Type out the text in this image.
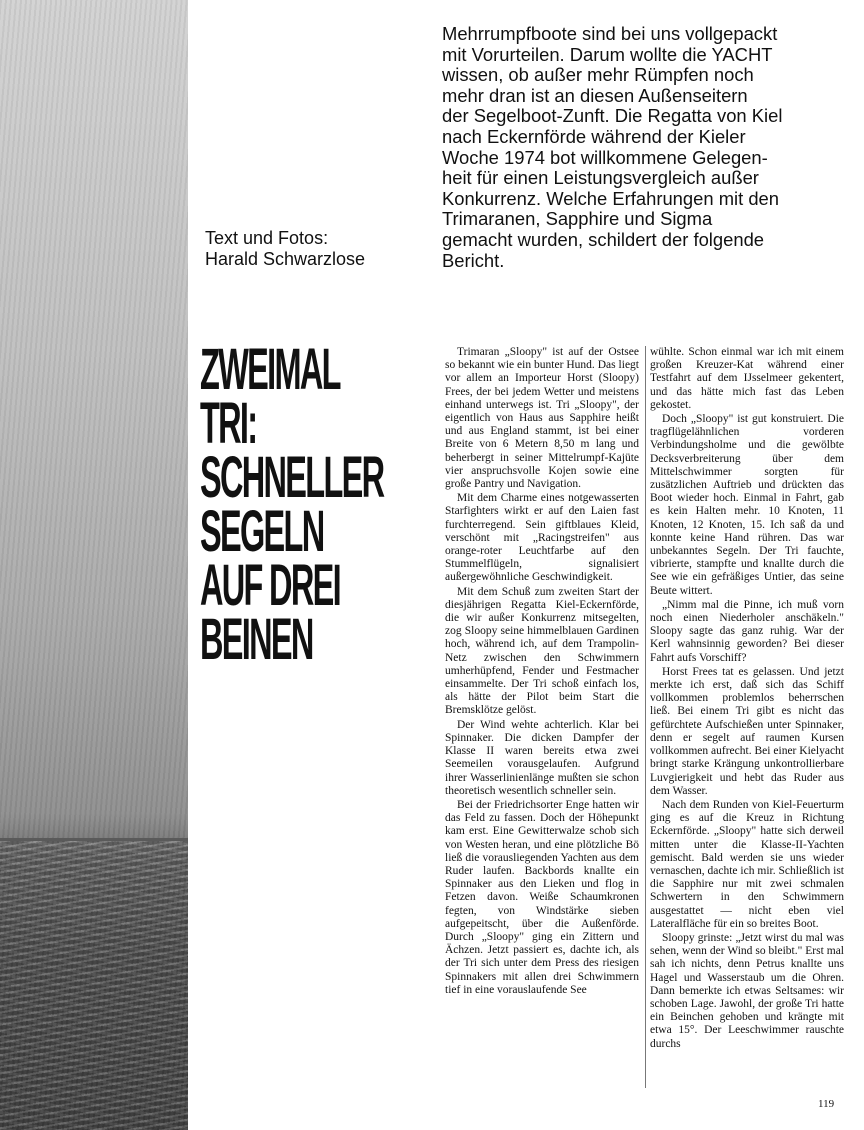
Text und Fotos:
Harald Schwarzlose
Mehrrumpfboote sind bei uns vollgepackt
mit Vorurteilen. Darum wollte die YACHT
wissen, ob außer mehr Rümpfen noch
mehr dran ist an diesen Außenseitern
der Segelboot-Zunft. Die Regatta von Kiel
nach Eckernförde während der Kieler
Woche 1974 bot willkommene Gelegen-
heit für einen Leistungsvergleich außer
Konkurrenz. Welche Erfahrungen mit den
Trimaranen, Sapphire und Sigma
gemacht wurden, schildert der folgende
Bericht.
ZWEIMAL
TRI:
SCHNELLER
SEGELN
AUF DREI
BEINEN

Trimaran „Sloopy" ist auf der Ostsee so bekannt wie ein bunter Hund. Das liegt vor allem an Importeur Horst (Sloopy) Frees, der bei jedem Wetter und meistens einhand unterwegs ist. Tri „Sloopy", der eigentlich von Haus aus Sapphire heißt und aus England stammt, ist bei einer Breite von 6 Metern 8,50 m lang und beherbergt in seiner Mittelrumpf-Kajüte vier anspruchsvolle Kojen sowie eine große Pantry und Navigation.

Mit dem Charme eines notgewasserten Starfighters wirkt er auf den Laien fast furchterregend. Sein giftblaues Kleid, verschönt mit „Racingstreifen" aus orange-roter Leuchtfarbe auf den Stummelflügeln, signalisiert außergewöhnliche Geschwindigkeit.

Mit dem Schuß zum zweiten Start der diesjährigen Regatta Kiel-Eckernförde, die wir außer Konkurrenz mitsegelten, zog Sloopy seine himmelblauen Gardinen hoch, während ich, auf dem Trampolin-Netz zwischen den Schwimmern umherhüpfend, Fender und Festmacher einsammelte. Der Tri schoß einfach los, als hätte der Pilot beim Start die Bremsklötze gelöst.

Der Wind wehte achterlich. Klar bei Spinnaker. Die dicken Dampfer der Klasse II waren bereits etwa zwei Seemeilen vorausgelaufen. Aufgrund ihrer Wasserlinienlänge mußten sie schon theoretisch wesentlich schneller sein.

Bei der Friedrichsorter Enge hatten wir das Feld zu fassen. Doch der Höhepunkt kam erst. Eine Gewitterwalze schob sich von Westen heran, und eine plötzliche Bö ließ die vorausliegenden Yachten aus dem Ruder laufen. Backbords knallte ein Spinnaker aus den Lieken und flog in Fetzen davon. Weiße Schaumkronen fegten, von Windstärke sieben aufgepeitscht, über die Außenförde. Durch „Sloopy" ging ein Zittern und Ächzen. Jetzt passiert es, dachte ich, als der Tri sich unter dem Press des riesigen Spinnakers mit allen drei Schwimmern tief in eine vorauslaufende See

wühlte. Schon einmal war ich mit einem großen Kreuzer-Kat während einer Testfahrt auf dem IJsselmeer gekentert, und das hätte mich fast das Leben gekostet.

Doch „Sloopy" ist gut konstruiert. Die tragflügelähnlichen vorderen Verbindungsholme und die gewölbte Decksverbreiterung über dem Mittelschwimmer sorgten für zusätzlichen Auftrieb und drückten das Boot wieder hoch. Einmal in Fahrt, gab es kein Halten mehr. 10 Knoten, 11 Knoten, 12 Knoten, 15. Ich saß da und konnte keine Hand rühren. Das war unbekanntes Segeln. Der Tri fauchte, vibrierte, stampfte und knallte durch die See wie ein gefräßiges Untier, das seine Beute wittert.

„Nimm mal die Pinne, ich muß vorn noch einen Niederholer anschäkeln." Sloopy sagte das ganz ruhig. War der Kerl wahnsinnig geworden? Bei dieser Fahrt aufs Vorschiff?

Horst Frees tat es gelassen. Und jetzt merkte ich erst, daß sich das Schiff vollkommen problemlos beherrschen ließ. Bei einem Tri gibt es nicht das gefürchtete Aufschießen unter Spinnaker, denn er segelt auf raumen Kursen vollkommen aufrecht. Bei einer Kielyacht bringt starke Krängung unkontrollierbare Luvgierigkeit und hebt das Ruder aus dem Wasser.

Nach dem Runden von Kiel-Feuerturm ging es auf die Kreuz in Richtung Eckernförde. „Sloopy" hatte sich derweil mitten unter die Klasse-II-Yachten gemischt. Bald werden sie uns wieder vernaschen, dachte ich mir. Schließlich ist die Sapphire nur mit zwei schmalen Schwertern in den Schwimmern ausgestattet — nicht eben viel Lateralfläche für ein so breites Boot.

Sloopy grinste: „Jetzt wirst du mal was sehen, wenn der Wind so bleibt." Erst mal sah ich nichts, denn Petrus knallte uns Hagel und Wasserstaub um die Ohren. Dann bemerkte ich etwas Seltsames: wir schoben Lage. Jawohl, der große Tri hatte ein Beinchen gehoben und krängte mit etwa 15°. Der Leeschwimmer rauschte durchs

119
